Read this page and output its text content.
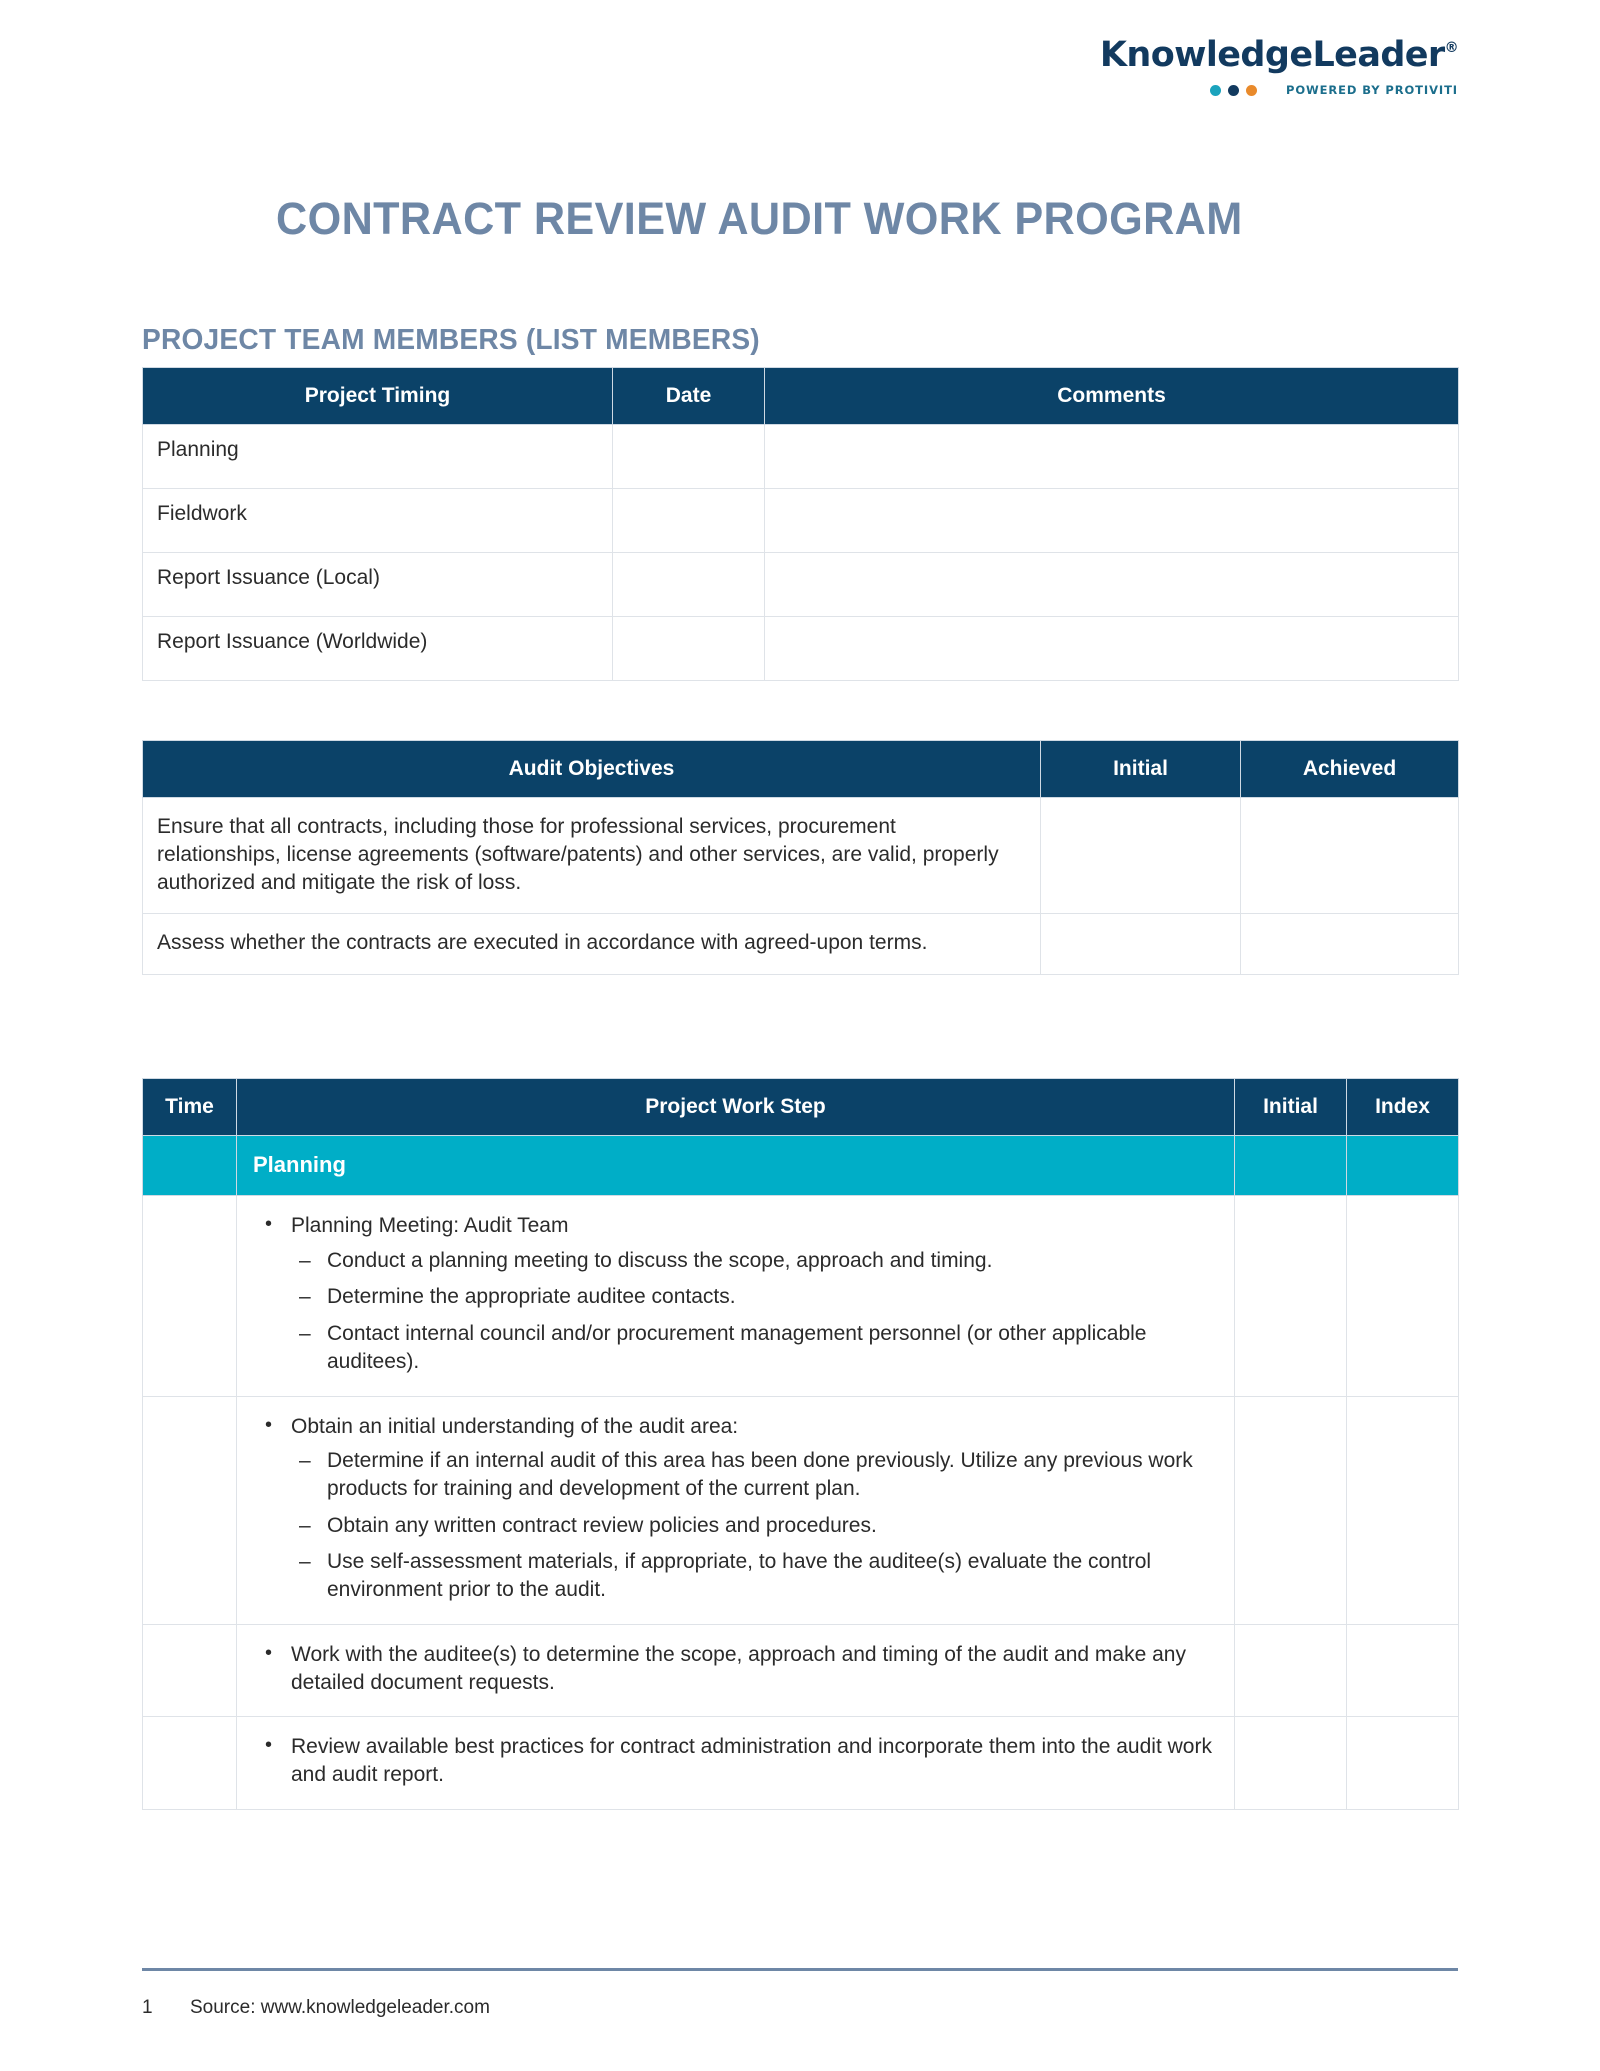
KnowledgeLeader®
POWERED BY PROTIVITI
CONTRACT REVIEW AUDIT WORK PROGRAM
PROJECT TEAM MEMBERS (LIST MEMBERS)
Project Timing	Date	Comments
Planning		
Fieldwork		
Report Issuance (Local)		
Report Issuance (Worldwide)		
Audit Objectives	Initial	Achieved
Ensure that all contracts, including those for professional services, procurement relationships, license agreements (software/patents) and other services, are valid, properly authorized and mitigate the risk of loss.		
Assess whether the contracts are executed in accordance with agreed-upon terms.		
Time	Project Work Step	Initial	Index
	Planning		

• Planning Meeting: Audit Team
– Conduct a planning meeting to discuss the scope, approach and timing.
– Determine the appropriate auditee contacts.
– Contact internal council and/or procurement management personnel (or other applicable auditees).

• Obtain an initial understanding of the audit area:
– Determine if an internal audit of this area has been done previously. Utilize any previous work products for training and development of the current plan.
– Obtain any written contract review policies and procedures.
– Use self-assessment materials, if appropriate, to have the auditee(s) evaluate the control environment prior to the audit.

• Work with the auditee(s) to determine the scope, approach and timing of the audit and make any detailed document requests.

• Review available best practices for contract administration and incorporate them into the audit work and audit report.

1 Source: www.knowledgeleader.com
